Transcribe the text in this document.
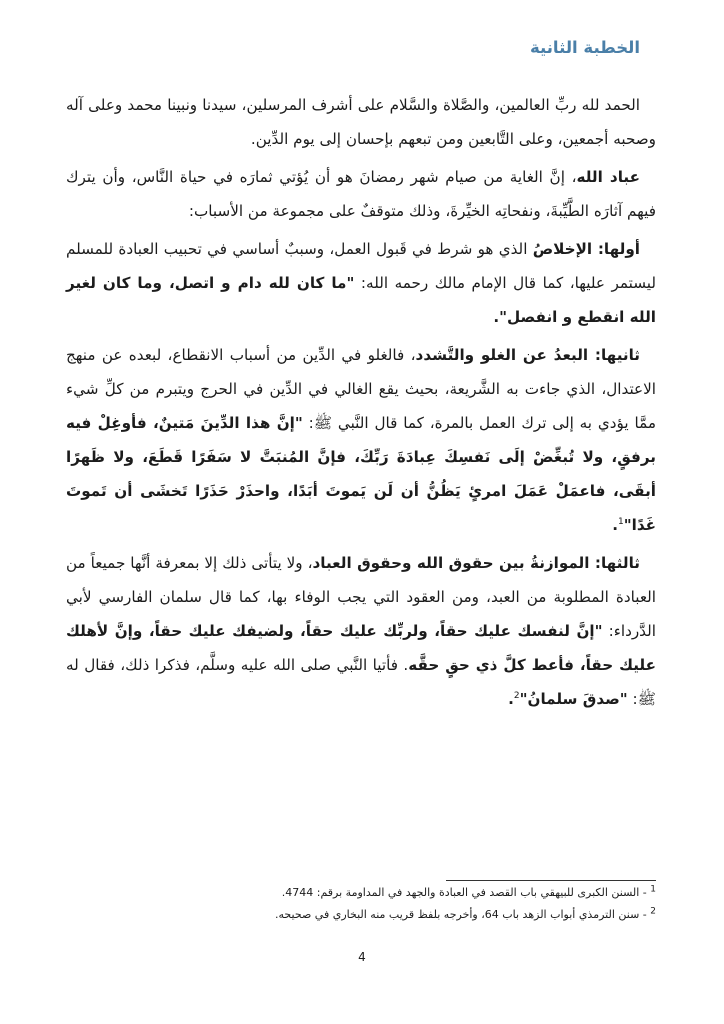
الخطبة الثانية

الحمد لله ربِّ العالمين، والصَّلاة والسَّلام على أشرف المرسلين، سيدنا ونبينا محمد وعلى آله وصحبه أجمعين، وعلى التَّابعين ومن تبعهم بإحسان إلى يوم الدِّين.

عباد الله، إنَّ الغاية من صيام شهر رمضانَ هو أن يُؤتي ثمارَه في حياة النَّاس، وأن يترك فيهم آثارَه الطَّيِّبةَ، ونفحاتِه الخيِّرةَ، وذلك متوقفٌ على مجموعة من الأسباب:

أولها: الإخلاصُ الذي هو شرط في قَبول العمل، وسببٌ أساسي في تحبيب العبادة للمسلم ليستمر عليها، كما قال الإمام مالك رحمه الله: "ما كان لله دام و اتصل، وما كان لغير الله انقطع و انفصل".

ثانيها: البعدُ عن الغلو والتَّشدد، فالغلو في الدِّين من أسباب الانقطاع، لبعده عن منهج الاعتدال، الذي جاءت به الشَّريعة، بحيث يقع الغالي في الدِّين في الحرج ويتبرم من كلِّ شيء ممَّا يؤدي به إلى ترك العمل بالمرة، كما قال النَّبي ﷺ: "إنَّ هذا الدِّينَ مَتينٌ، فأوغِلْ فيه برفقٍ، ولا تُبغِّضْ إلَى نَفسِكَ عِبادَةَ رَبِّكَ، فإنَّ المُنبَتَّ لا سَفَرًا قَطَعَ، ولا ظَهرًا أبقَى، فاعمَلْ عَمَلَ امرئٍ يَظُنُّ أن لَن يَموتَ أبَدًا، واحذَرْ حَذَرًا تَخشَى أن تَموتَ غَدًا"$^1$.

ثالثها: الموازنةُ بين حقوق الله وحقوق العباد، ولا يتأتى ذلك إلا بمعرفة أنَّها جميعاً من العبادة المطلوبة من العبد، ومن العقود التي يجب الوفاء بها، كما قال سلمان الفارسي لأبي الدَّرداء: "إنَّ لنفسك عليك حقاً، ولربِّك عليك حقاً، ولضيفك عليك حقاً، وإنَّ لأهلك عليك حقاً، فأعط كلَّ ذي حقٍ حقَّه. فأتيا النَّبي صلى الله عليه وسلَّم، فذكرا ذلك، فقال له ﷺ: "صدقَ سلمانُ"$^2$.

$^1$ - السنن الكبرى للبيهقي باب القصد في العبادة والجهد في المداومة برقم: 4744.

$^2$ - سنن الترمذي أبواب الزهد باب 64، وأخرجه بلفظ قريب منه البخاري في صحيحه.

4
